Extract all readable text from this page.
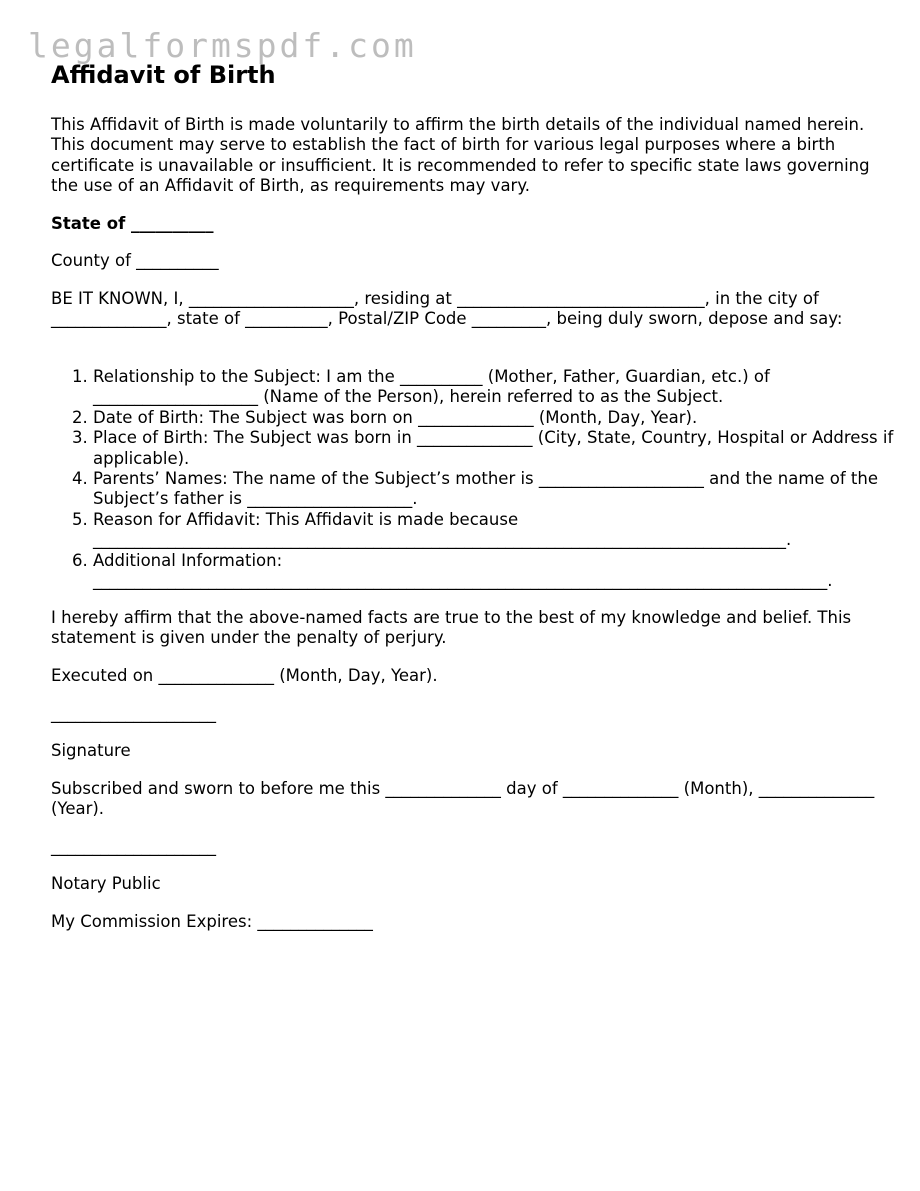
legalformspdf.com
Affidavit of Birth
This Affidavit of Birth is made voluntarily to affirm the birth details of the individual named herein. This document may serve to establish the fact of birth for various legal purposes where a birth certificate is unavailable or insufficient. It is recommended to refer to specific state laws governing the use of an Affidavit of Birth, as requirements may vary.
State of __________
County of __________
BE IT KNOWN, I, ____________________, residing at ______________________________, in the city of ______________, state of __________, Postal/ZIP Code _________, being duly sworn, depose and say:
1. Relationship to the Subject: I am the __________ (Mother, Father, Guardian, etc.) of ____________________ (Name of the Person), herein referred to as the Subject.
2. Date of Birth: The Subject was born on ______________ (Month, Day, Year).
3. Place of Birth: The Subject was born in ______________ (City, State, Country, Hospital or Address if applicable).
4. Parents’ Names: The name of the Subject’s mother is ____________________ and the name of the Subject’s father is ____________________.
5. Reason for Affidavit: This Affidavit is made because ____________________________________________________________________________________.
6. Additional Information: _________________________________________________________________________________________.
I hereby affirm that the above-named facts are true to the best of my knowledge and belief. This statement is given under the penalty of perjury.
Executed on ______________ (Month, Day, Year).
____________________
Signature
Subscribed and sworn to before me this ______________ day of ______________ (Month), ______________ (Year).
____________________
Notary Public
My Commission Expires: ______________
